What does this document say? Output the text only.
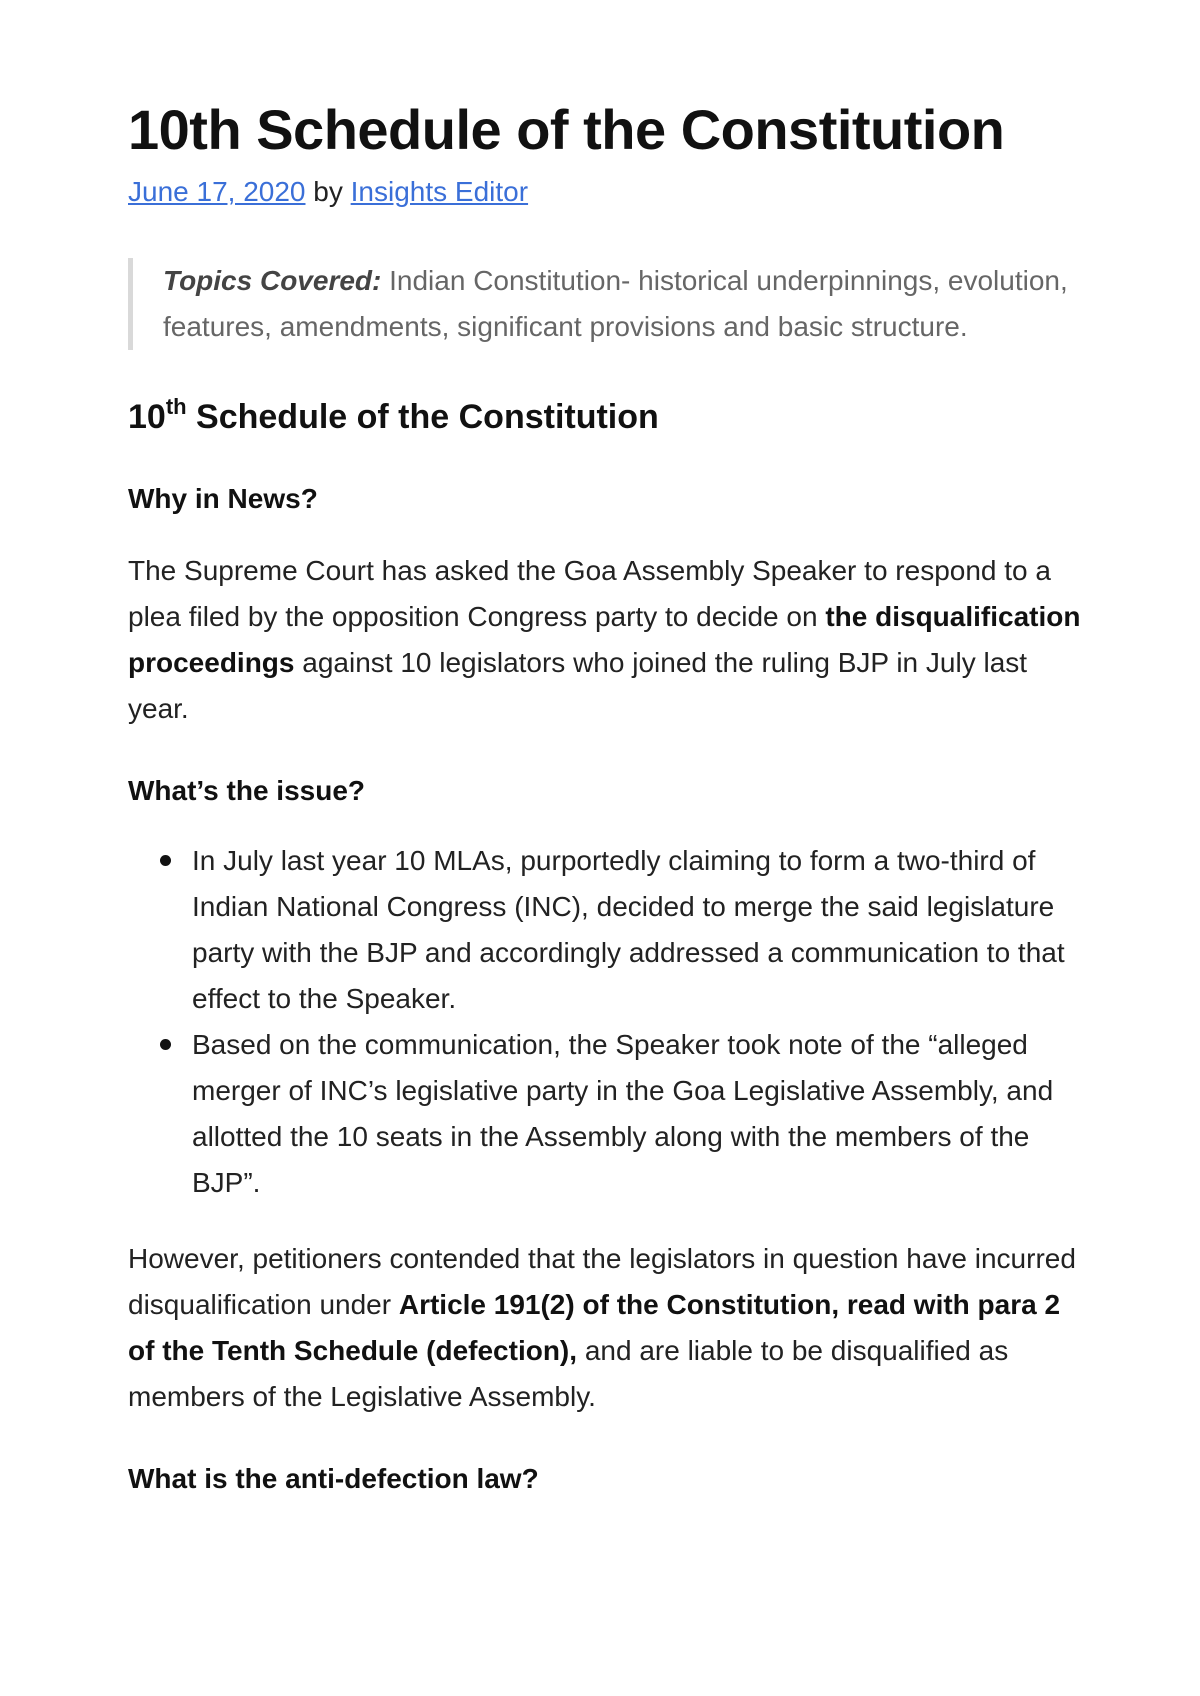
10th Schedule of the Constitution
June 17, 2020 by Insights Editor
Topics Covered: Indian Constitution- historical underpinnings, evolution, features, amendments, significant provisions and basic structure.
10th Schedule of the Constitution
Why in News?

The Supreme Court has asked the Goa Assembly Speaker to respond to a plea filed by the opposition Congress party to decide on the disqualification proceedings against 10 legislators who joined the ruling BJP in July last year.

What’s the issue?
In July last year 10 MLAs, purportedly claiming to form a two-third of Indian National Congress (INC), decided to merge the said legislature party with the BJP and accordingly addressed a communication to that effect to the Speaker.
Based on the communication, the Speaker took note of the “alleged merger of INC’s legislative party in the Goa Legislative Assembly, and allotted the 10 seats in the Assembly along with the members of the BJP”.

However, petitioners contended that the legislators in question have incurred disqualification under Article 191(2) of the Constitution, read with para 2 of the Tenth Schedule (defection), and are liable to be disqualified as members of the Legislative Assembly.

What is the anti-defection law?
